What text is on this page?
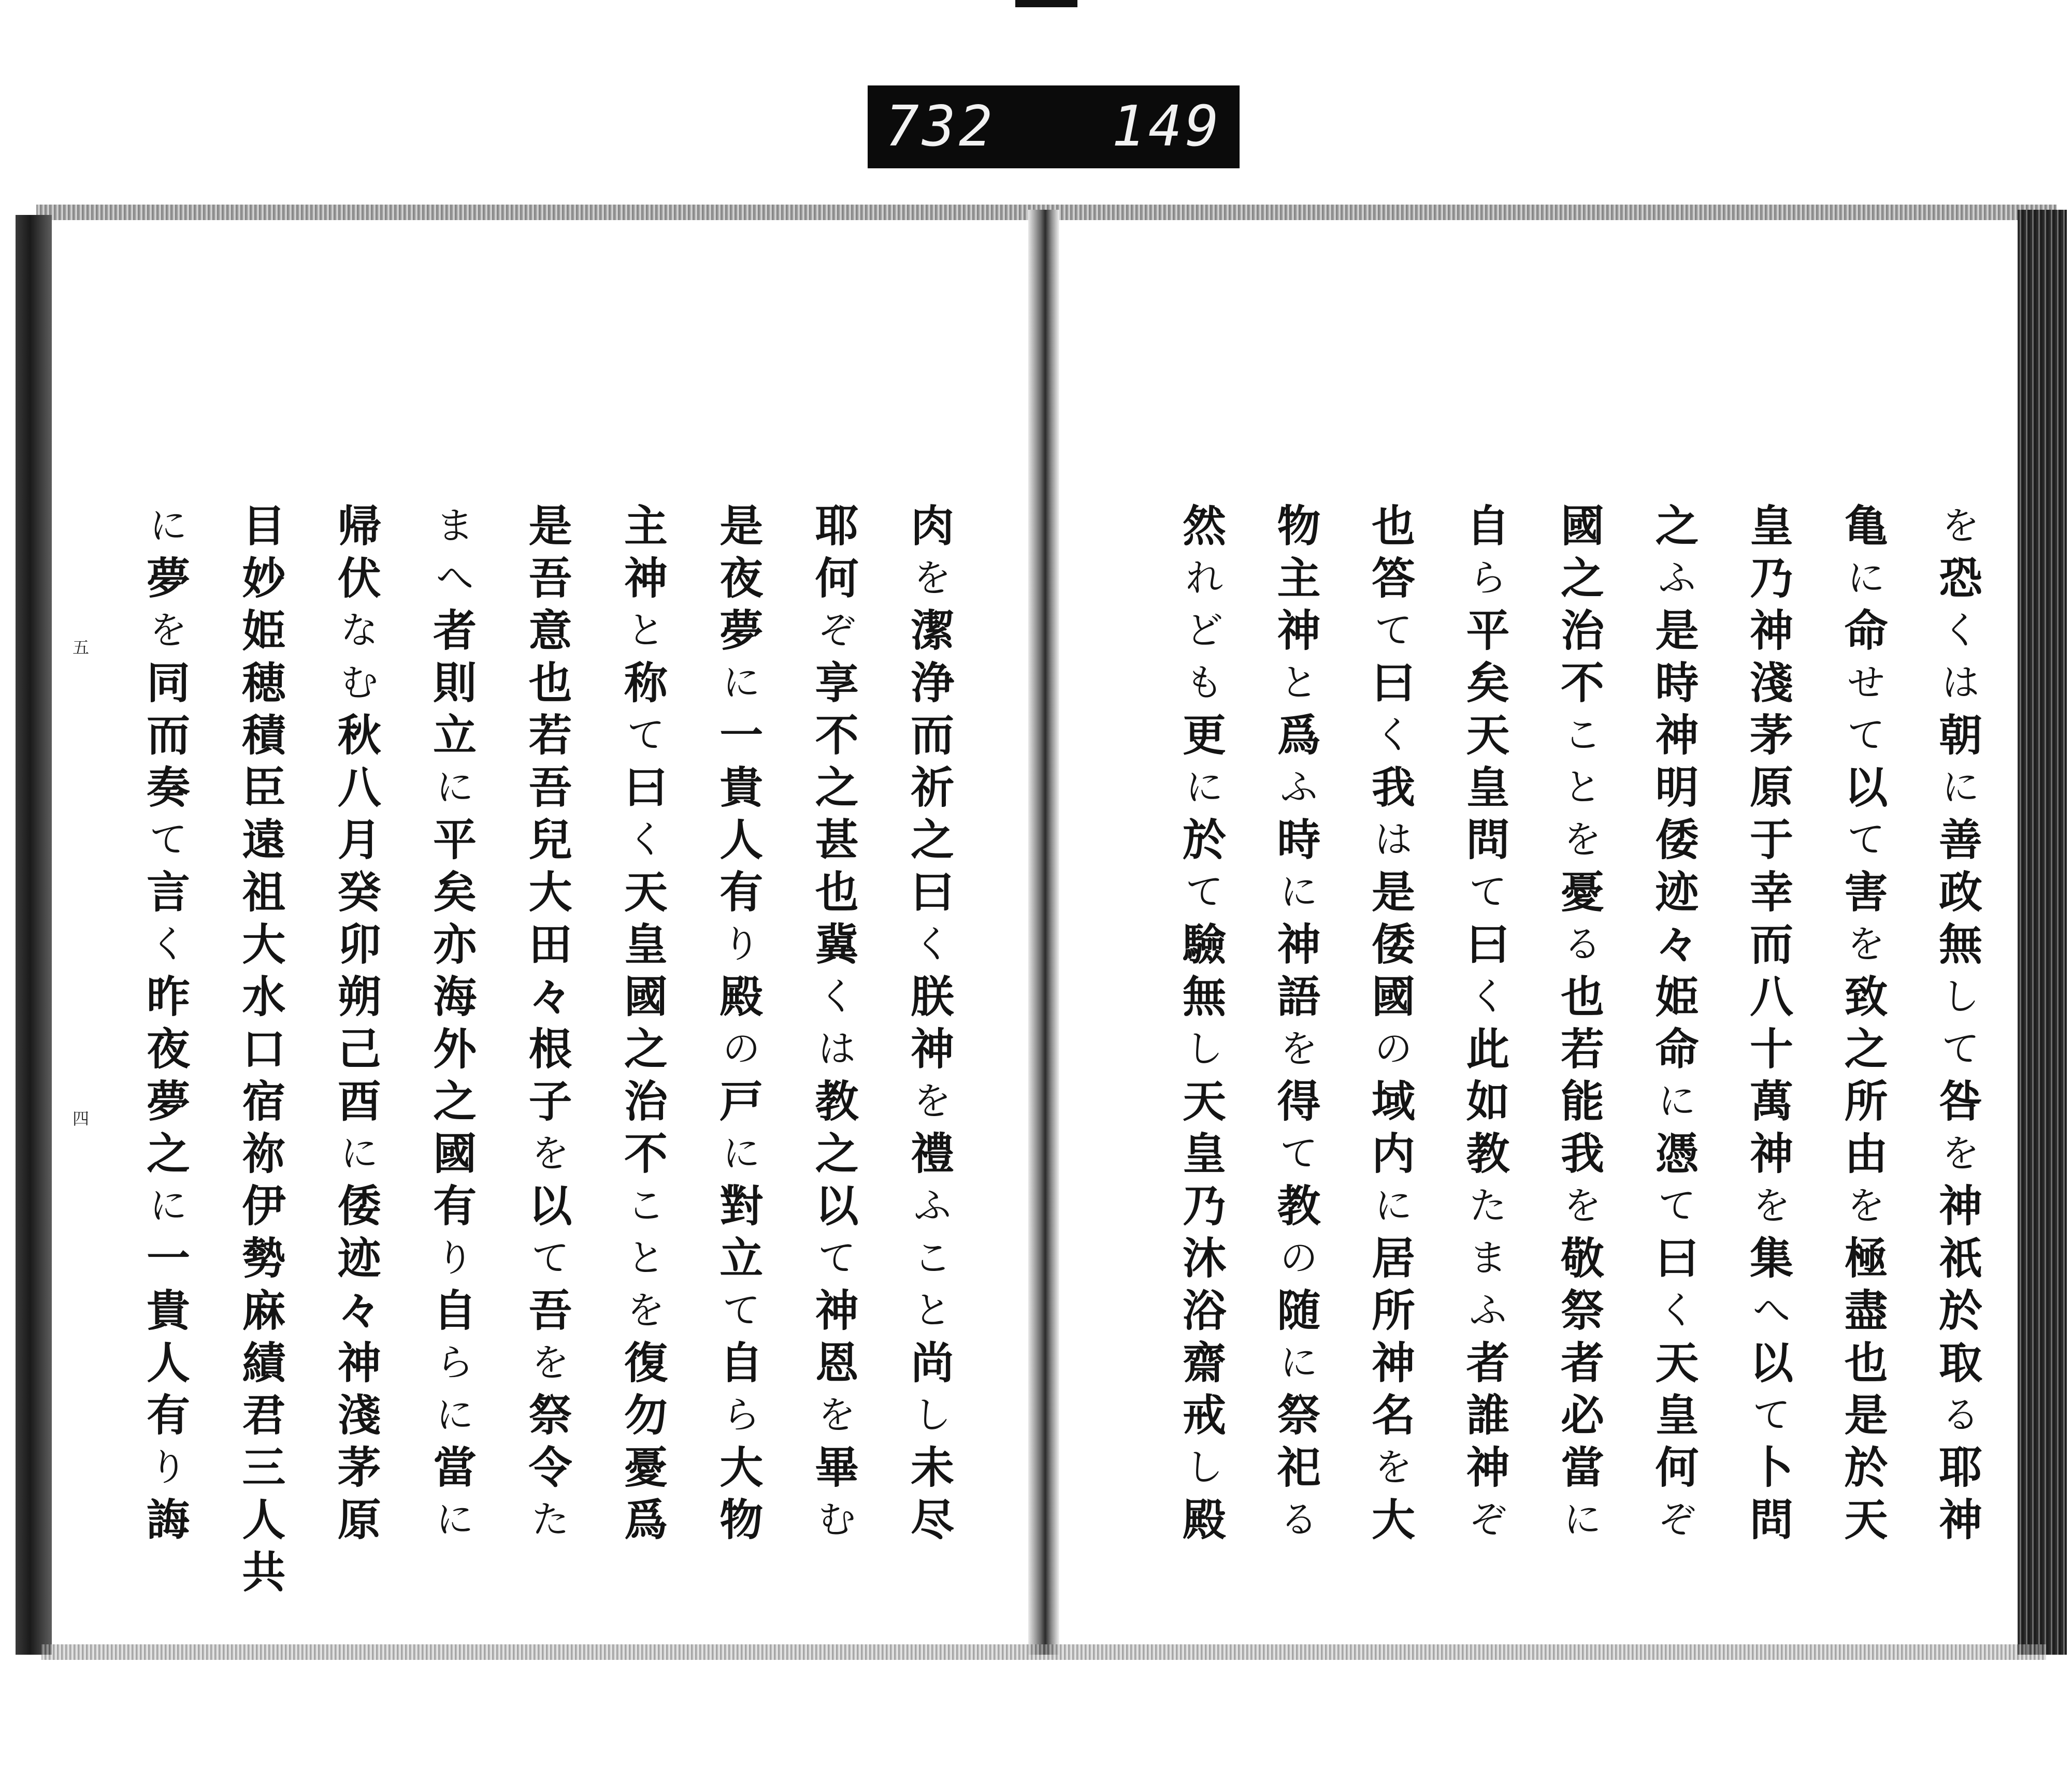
732 149
五
四
肉
を
潔
浄
而
祈
之
曰
く
朕
神
を
禮
ふ
こ
と
尚
し
未
尽
耶
何
ぞ
享
不
之
甚
也
冀
く
は
教
之
以
て
神
恩
を
畢
む
是
夜
夢
に
一
貴
人
有
り
殿
の
戸
に
對
立
て
自
ら
大
物
主
神
と
称
て
曰
く
天
皇
國
之
治
不
こ
と
を
復
勿
憂
爲
是
吾
意
也
若
吾
兒
大
田
々
根
子
を
以
て
吾
を
祭
令
た
ま
へ
者
則
立
に
平
矣
亦
海
外
之
國
有
り
自
ら
に
當
に
帰
伏
な
む
秋
八
月
癸
卯
朔
己
酉
に
倭
迹
々
神
淺
茅
原
目
妙
姫
穂
積
臣
遠
祖
大
水
口
宿
祢
伊
勢
麻
績
君
三
人
共
に
夢
を
同
而
奏
て
言
く
昨
夜
夢
之
に
一
貴
人
有
り
誨
を
恐
く
は
朝
に
善
政
無
し
て
咎
を
神
祇
於
取
る
耶
神
亀
に
命
せ
て
以
て
害
を
致
之
所
由
を
極
盡
也
是
於
天
皇
乃
神
淺
茅
原
于
幸
而
八
十
萬
神
を
集
へ
以
て
卜
問
之
ふ
是
時
神
明
倭
迹
々
姫
命
に
憑
て
曰
く
天
皇
何
ぞ
國
之
治
不
こ
と
を
憂
る
也
若
能
我
を
敬
祭
者
必
當
に
自
ら
平
矣
天
皇
問
て
曰
く
此
如
教
た
ま
ふ
者
誰
神
ぞ
也
答
て
曰
く
我
は
是
倭
國
の
域
内
に
居
所
神
名
を
大
物
主
神
と
爲
ふ
時
に
神
語
を
得
て
教
の
随
に
祭
祀
る
然
れ
ど
も
更
に
於
て
驗
無
し
天
皇
乃
沐
浴
齋
戒
し
殿
